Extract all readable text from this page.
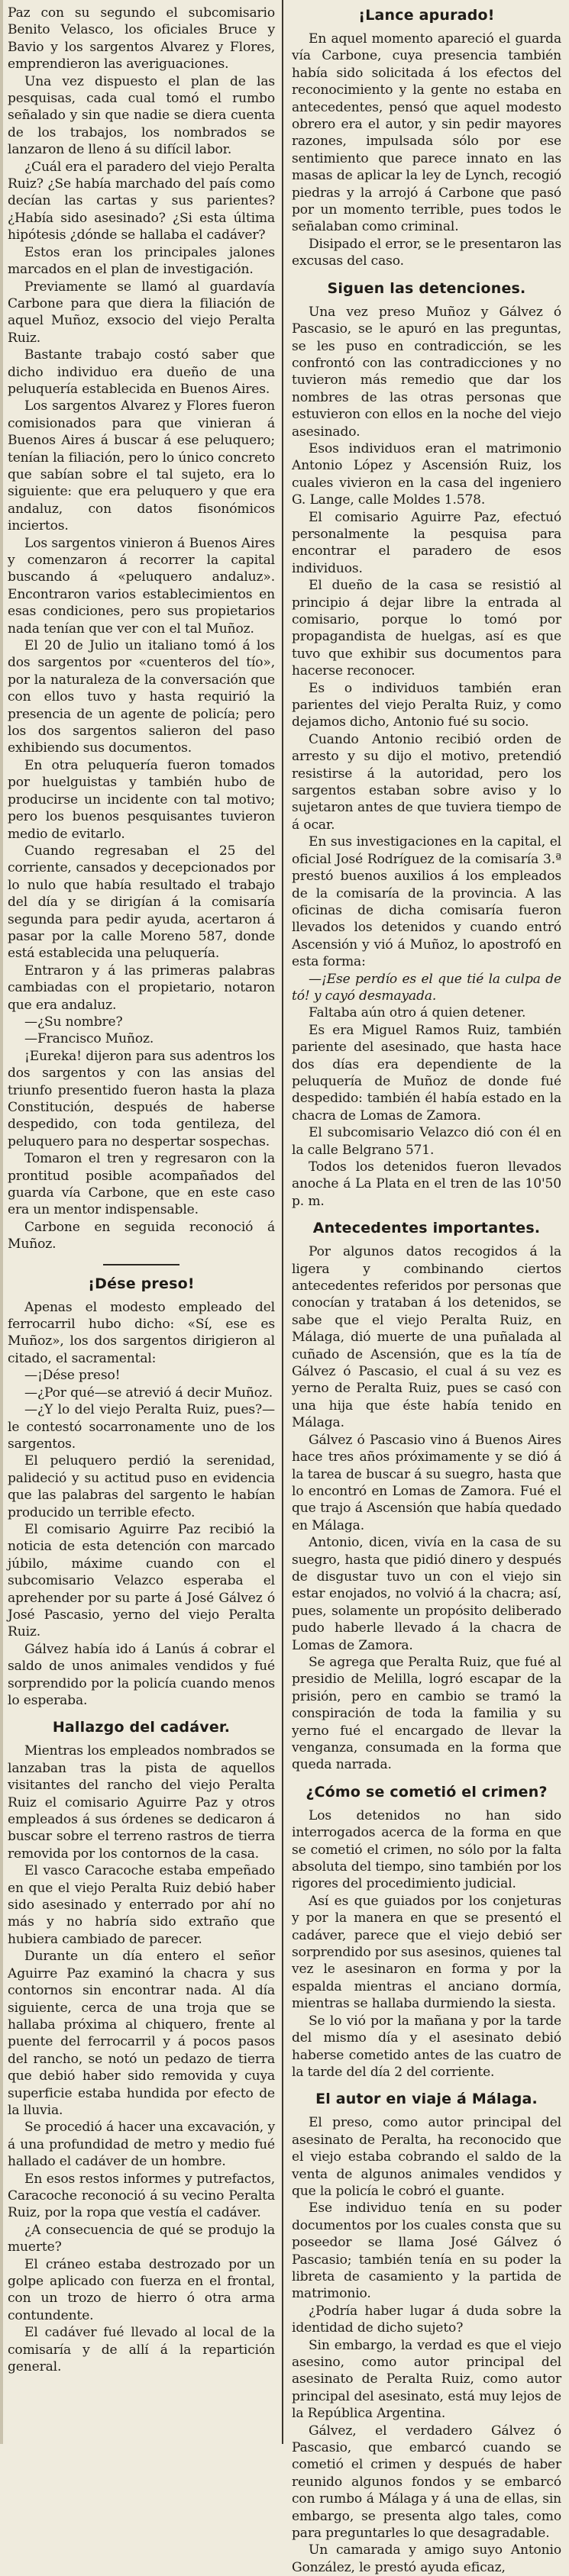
Paz con su segundo el subcomisario Benito Velasco, los oficiales Bruce y Bavio y los sargentos Alvarez y Flores, emprendieron las averiguaciones.

Una vez dispuesto el plan de las pesquisas, cada cual tomó el rumbo señalado y sin que nadie se diera cuenta de los trabajos, los nombrados se lanzaron de lleno á su difícil labor.

¿Cuál era el paradero del viejo Peralta Ruiz? ¿Se había marchado del país como decían las cartas y sus parientes? ¿Había sido asesinado? ¿Si esta última hipótesis ¿dónde se hallaba el cadáver?

Estos eran los principales jalones marcados en el plan de investigación.

Previamente se llamó al guardavía Carbone para que diera la filiación de aquel Muñoz, exsocio del viejo Peralta Ruiz.

Bastante trabajo costó saber que dicho individuo era dueño de una peluquería establecida en Buenos Aires.

Los sargentos Alvarez y Flores fueron comisionados para que vinieran á Buenos Aires á buscar á ese peluquero; tenían la filiación, pero lo único concreto que sabían sobre el tal sujeto, era lo siguiente: que era peluquero y que era andaluz, con datos fisonómicos inciertos.

Los sargentos vinieron á Buenos Aires y comenzaron á recorrer la capital buscando á «peluquero andaluz». Encontraron varios establecimientos en esas condiciones, pero sus propietarios nada tenían que ver con el tal Muñoz.

El 20 de Julio un italiano tomó á los dos sargentos por «cuenteros del tío», por la naturaleza de la conversación que con ellos tuvo y hasta requirió la presencia de un agente de policía; pero los dos sargentos salieron del paso exhibiendo sus documentos.

En otra peluquería fueron tomados por huelguistas y también hubo de producirse un incidente con tal motivo; pero los buenos pesquisantes tuvieron medio de evitarlo.

Cuando regresaban el 25 del corriente, cansados y decepcionados por lo nulo que había resultado el trabajo del día y se dirigían á la comisaría segunda para pedir ayuda, acertaron á pasar por la calle Moreno 587, donde está establecida una peluquería.

Entraron y á las primeras palabras cambiadas con el propietario, notaron que era andaluz.

—¿Su nombre?

—Francisco Muñoz.

¡Eureka! dijeron para sus adentros los dos sargentos y con las ansias del triunfo presentido fueron hasta la plaza Constitución, después de haberse despedido, con toda gentileza, del peluquero para no despertar sospechas.

Tomaron el tren y regresaron con la prontitud posible acompañados del guarda vía Carbone, que en este caso era un mentor indispensable.

Carbone en seguida reconoció á Muñoz.

¡Dése preso!

Apenas el modesto empleado del ferrocarril hubo dicho: «Sí, ese es Muñoz», los dos sargentos dirigieron al citado, el sacramental:

—¡Dése preso!

—¿Por qué—se atrevió á decir Muñoz.

—¿Y lo del viejo Peralta Ruiz, pues?—le contestó socarronamente uno de los sargentos.

El peluquero perdió la serenidad, palideció y su actitud puso en evidencia que las palabras del sargento le habían producido un terrible efecto.

El comisario Aguirre Paz recibió la noticia de esta detención con marcado júbilo, máxime cuando con el subcomisario Velazco esperaba el aprehender por su parte á José Gálvez ó José Pascasio, yerno del viejo Peralta Ruiz.

Gálvez había ido á Lanús á cobrar el saldo de unos animales vendidos y fué sorprendido por la policía cuando menos lo esperaba.

Hallazgo del cadáver.

Mientras los empleados nombrados se lanzaban tras la pista de aquellos visitantes del rancho del viejo Peralta Ruiz el comisario Aguirre Paz y otros empleados á sus órdenes se dedicaron á buscar sobre el terreno rastros de tierra removida por los contornos de la casa.

El vasco Caracoche estaba empeñado en que el viejo Peralta Ruiz debió haber sido asesinado y enterrado por ahí no más y no habría sido extraño que hubiera cambiado de parecer.

Durante un día entero el señor Aguirre Paz examinó la chacra y sus contornos sin encontrar nada. Al día siguiente, cerca de una troja que se hallaba próxima al chiquero, frente al puente del ferrocarril y á pocos pasos del rancho, se notó un pedazo de tierra que debió haber sido removida y cuya superficie estaba hundida por efecto de la lluvia.

Se procedió á hacer una excavación, y á una profundidad de metro y medio fué hallado el cadáver de un hombre.

En esos restos informes y putrefactos, Caracoche reconoció á su vecino Peralta Ruiz, por la ropa que vestía el cadáver.

¿A consecuencia de qué se produjo la muerte?

El cráneo estaba destrozado por un golpe aplicado con fuerza en el frontal, con un trozo de hierro ó otra arma contundente.

El cadáver fué llevado al local de la comisaría y de allí á la repartición general.

¡Lance apurado!

En aquel momento apareció el guarda vía Carbone, cuya presencia también había sido solicitada á los efectos del reconocimiento y la gente no estaba en antecedentes, pensó que aquel modesto obrero era el autor, y sin pedir mayores razones, impulsada sólo por ese sentimiento que parece innato en las masas de aplicar la ley de Lynch, recogió piedras y la arrojó á Carbone que pasó por un momento terrible, pues todos le señalaban como criminal.

Disipado el error, se le presentaron las excusas del caso.

Siguen las detenciones.

Una vez preso Muñoz y Gálvez ó Pascasio, se le apuró en las preguntas, se les puso en contradicción, se les confrontó con las contradicciones y no tuvieron más remedio que dar los nombres de las otras personas que estuvieron con ellos en la noche del viejo asesinado.

Esos individuos eran el matrimonio Antonio López y Ascensión Ruiz, los cuales vivieron en la casa del ingeniero G. Lange, calle Moldes 1.578.

El comisario Aguirre Paz, efectuó personalmente la pesquisa para encontrar el paradero de esos individuos.

El dueño de la casa se resistió al principio á dejar libre la entrada al comisario, porque lo tomó por propagandista de huelgas, así es que tuvo que exhibir sus documentos para hacerse reconocer.

Es o individuos también eran parientes del viejo Peralta Ruiz, y como dejamos dicho, Antonio fué su socio.

Cuando Antonio recibió orden de arresto y su dijo el motivo, pretendió resistirse á la autoridad, pero los sargentos estaban sobre aviso y lo sujetaron antes de que tuviera tiempo de á ocar.

En sus investigaciones en la capital, el oficial José Rodríguez de la comisaría 3.ª prestó buenos auxilios á los empleados de la comisaría de la provincia. A las oficinas de dicha comisaría fueron llevados los detenidos y cuando entró Ascensión y vió á Muñoz, lo apostrofó en esta forma:

—¡Ese perdío es el que tié la culpa de tó! y cayó desmayada.

Faltaba aún otro á quien detener.

Es era Miguel Ramos Ruiz, también pariente del asesinado, que hasta hace dos días era dependiente de la peluquería de Muñoz de donde fué despedido: también él había estado en la chacra de Lomas de Zamora.

El subcomisario Velazco dió con él en la calle Belgrano 571.

Todos los detenidos fueron llevados anoche á La Plata en el tren de las 10'50 p. m.

Antecedentes importantes.

Por algunos datos recogidos á la ligera y combinando ciertos antecedentes referidos por personas que conocían y trataban á los detenidos, se sabe que el viejo Peralta Ruiz, en Málaga, dió muerte de una puñalada al cuñado de Ascensión, que es la tía de Gálvez ó Pascasio, el cual á su vez es yerno de Peralta Ruiz, pues se casó con una hija que éste había tenido en Málaga.

Gálvez ó Pascasio vino á Buenos Aires hace tres años próximamente y se dió á la tarea de buscar á su suegro, hasta que lo encontró en Lomas de Zamora. Fué el que trajo á Ascensión que había quedado en Málaga.

Antonio, dicen, vivía en la casa de su suegro, hasta que pidió dinero y después de disgustar tuvo un con el viejo sin estar enojados, no volvió á la chacra; así, pues, solamente un propósito deliberado pudo haberle llevado á la chacra de Lomas de Zamora.

Se agrega que Peralta Ruiz, que fué al presidio de Melilla, logró escapar de la prisión, pero en cambio se tramó la conspiración de toda la familia y su yerno fué el encargado de llevar la venganza, consumada en la forma que queda narrada.

¿Cómo se cometió el crimen?

Los detenidos no han sido interrogados acerca de la forma en que se cometió el crimen, no sólo por la falta absoluta del tiempo, sino también por los rigores del procedimiento judicial.

Así es que guiados por los conjeturas y por la manera en que se presentó el cadáver, parece que el viejo debió ser sorprendido por sus asesinos, quienes tal vez le asesinaron en forma y por la espalda mientras el anciano dormía, mientras se hallaba durmiendo la siesta.

Se lo vió por la mañana y por la tarde del mismo día y el asesinato debió haberse cometido antes de las cuatro de la tarde del día 2 del corriente.

El autor en viaje á Málaga.

El preso, como autor principal del asesinato de Peralta, ha reconocido que el viejo estaba cobrando el saldo de la venta de algunos animales vendidos y que la policía le cobró el guante.

Ese individuo tenía en su poder documentos por los cuales consta que su poseedor se llama José Gálvez ó Pascasio; también tenía en su poder la libreta de casamiento y la partida de matrimonio.

¿Podría haber lugar á duda sobre la identidad de dicho sujeto?

Sin embargo, la verdad es que el viejo asesino, como autor principal del asesinato de Peralta Ruiz, como autor principal del asesinato, está muy lejos de la República Argentina.

Gálvez, el verdadero Gálvez ó Pascasio, que embarcó cuando se cometió el crimen y después de haber reunido algunos fondos y se embarcó con rumbo á Málaga y á una de ellas, sin embargo, se presenta algo tales, como para preguntarles lo que desagradable.

Un camarada y amigo suyo Antonio González, le prestó ayuda eficaz,
